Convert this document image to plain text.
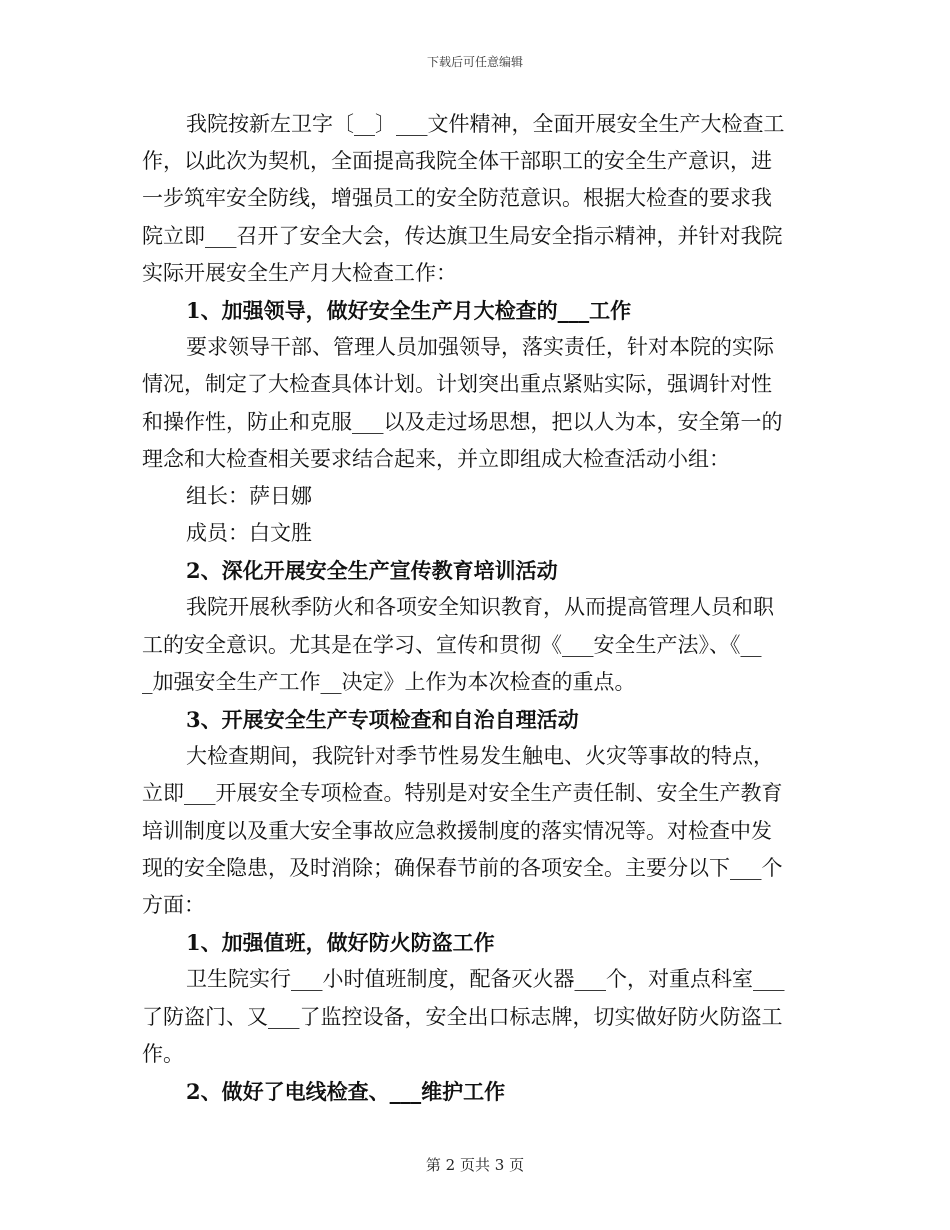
下载后可任意编辑
我院按新左卫字〔__〕___文件精神，全面开展安全生产大检查工
作，以此次为契机，全面提高我院全体干部职工的安全生产意识，进
一步筑牢安全防线，增强员工的安全防范意识。根据大检查的要求我
院立即___召开了安全大会，传达旗卫生局安全指示精神，并针对我院
实际开展安全生产月大检查工作：
1、加强领导，做好安全生产月大检查的___工作
要求领导干部、管理人员加强领导，落实责任，针对本院的实际
情况，制定了大检查具体计划。计划突出重点紧贴实际，强调针对性
和操作性，防止和克服___以及走过场思想，把以人为本，安全第一的
理念和大检查相关要求结合起来，并立即组成大检查活动小组：
组长：萨日娜
成员：白文胜
2、深化开展安全生产宣传教育培训活动
我院开展秋季防火和各项安全知识教育，从而提高管理人员和职
工的安全意识。尤其是在学习、宣传和贯彻《___安全生产法》、《__
_加强安全生产工作__决定》上作为本次检查的重点。
3、开展安全生产专项检查和自治自理活动
大检查期间，我院针对季节性易发生触电、火灾等事故的特点，
立即___开展安全专项检查。特别是对安全生产责任制、安全生产教育
培训制度以及重大安全事故应急救援制度的落实情况等。对检查中发
现的安全隐患，及时消除；确保春节前的各项安全。主要分以下___个
方面：
1、加强值班，做好防火防盗工作
卫生院实行___小时值班制度，配备灭火器___个，对重点科室___
了防盗门、又___了监控设备，安全出口标志牌，切实做好防火防盗工
作。
2、做好了电线检查、___维护工作
第 2 页共 3 页
